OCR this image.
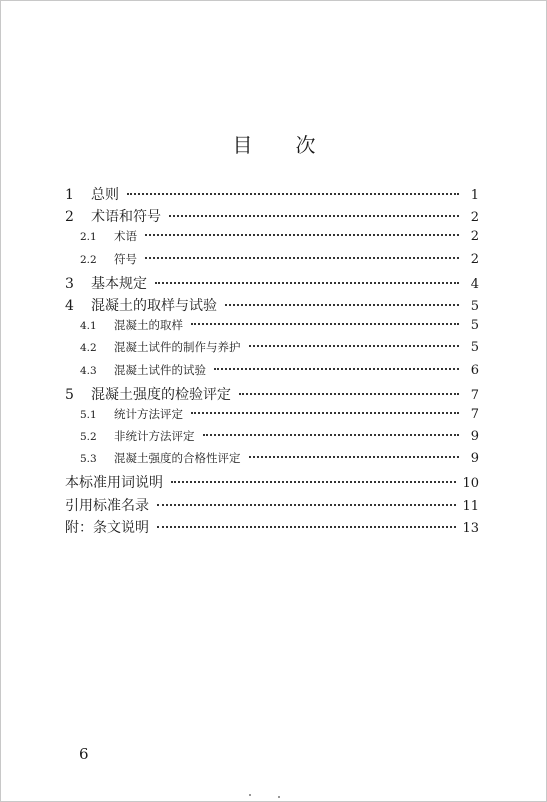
目 次
1	总则	1
2	术语和符号	2
2.1	术语	2
2.2	符号	2
3	基本规定	4
4	混凝土的取样与试验	5
4.1	混凝土的取样	5
4.2	混凝土试件的制作与养护	5
4.3	混凝土试件的试验	6
5	混凝土强度的检验评定	7
5.1	统计方法评定	7
5.2	非统计方法评定	9
5.3	混凝土强度的合格性评定	9
本标准用词说明	10
引用标准名录	11
附：条文说明	13
6
